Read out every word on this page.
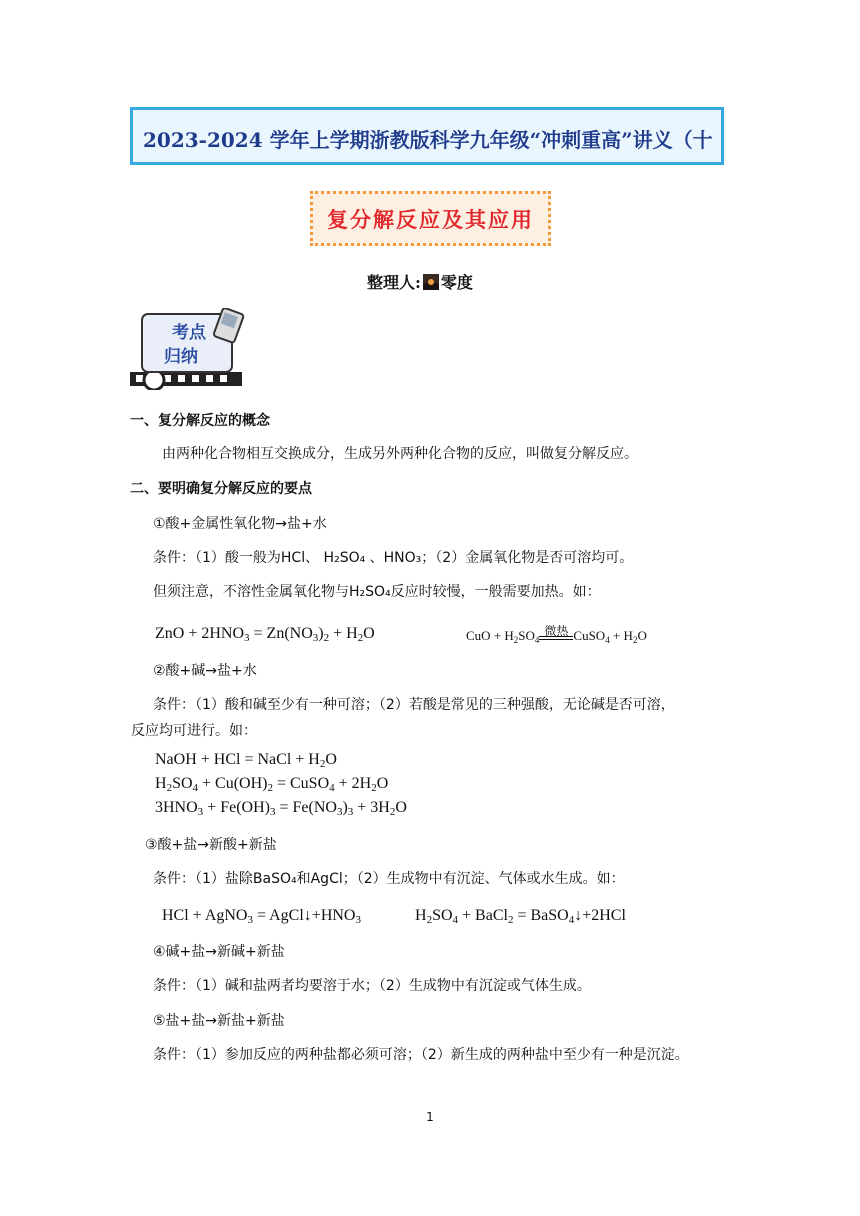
2023-2024 学年上学期浙教版科学九年级“冲刺重高”讲义（十
复分解反应及其应用
整理人: 零度
考点
归纳
一、复分解反应的概念
由两种化合物相互交换成分，生成另外两种化合物的反应，叫做复分解反应。
二、要明确复分解反应的要点
①酸+金属性氧化物→盐+水
条件：（1）酸一般为HCl、 H₂SO₄ 、HNO₃；（2）金属氧化物是否可溶均可。
但须注意，不溶性金属氧化物与H₂SO₄反应时较慢，一般需要加热。如：
ZnO + $2HNO_3 = Zn(NO_3)_2 + H_2O$	CuO + $H_2SO_4$
微热 CuSO$_4$ + $H_2O$
②酸+碱→盐+水
条件：（1）酸和碱至少有一种可溶；（2）若酸是常见的三种强酸，无论碱是否可溶，
反应均可进行。如：
NaOH + HCl = NaCl + $H_2O$
$H_2SO_4 + Cu(OH)_2$ = CuSO$_4$ + $2H_2O$
$3HNO_3 + Fe(OH)_3 = Fe(NO_3)_3 + 3H_2O$
③酸+盐→新酸+新盐
条件：（1）盐除BaSO₄和AgCl；（2）生成物中有沉淀、气体或水生成。如：
HCl + AgNO$_3$ = $AgCl↓+HNO_3$	$H_2SO_4$ + BaCl$_2$ = BaSO$_4$↓+2HCl
④碱+盐→新碱+新盐
条件：（1）碱和盐两者均要溶于水；（2）生成物中有沉淀或气体生成。
⑤盐+盐→新盐+新盐
条件：（1）参加反应的两种盐都必须可溶；（2）新生成的两种盐中至少有一种是沉淀。
1
